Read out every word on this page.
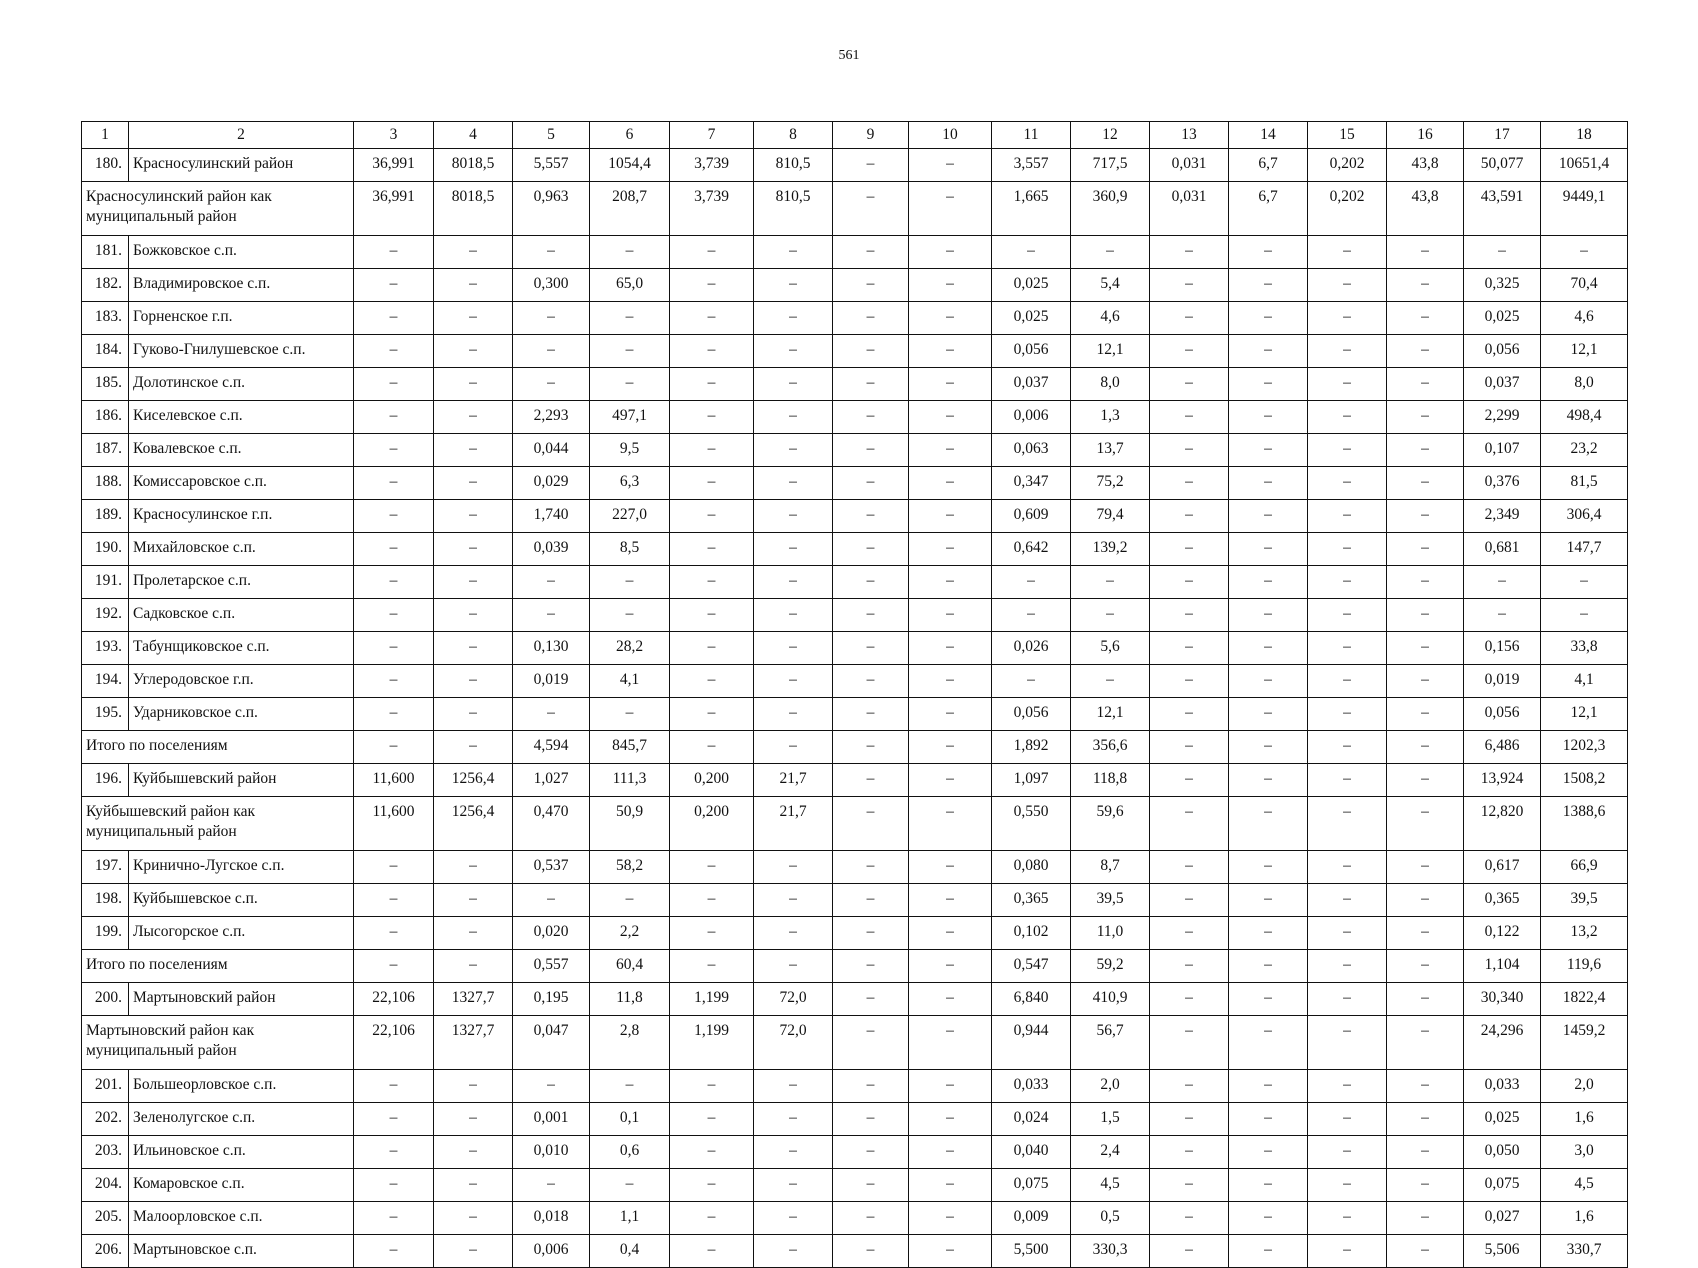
561
1	2	3	4	5	6	7	8	9	10	11	12	13	14	15	16	17	18
180.	Красносулинский район	36,991	8018,5	5,557	1054,4	3,739	810,5	–	–	3,557	717,5	0,031	6,7	0,202	43,8	50,077	10651,4
Красносулинский район как муниципальный район		36,991	8018,5	0,963	208,7	3,739	810,5	–	–	1,665	360,9	0,031	6,7	0,202	43,8	43,591	9449,1
181.	Божковское с.п.	–	–	–	–	–	–	–	–	–	–	–	–	–	–	–	–
182.	Владимировское с.п.	–	–	0,300	65,0	–	–	–	–	0,025	5,4	–	–	–	–	0,325	70,4
183.	Горненское г.п.	–	–	–	–	–	–	–	–	0,025	4,6	–	–	–	–	0,025	4,6
184.	Гуково-Гнилушевское с.п.	–	–	–	–	–	–	–	–	0,056	12,1	–	–	–	–	0,056	12,1
185.	Долотинское с.п.	–	–	–	–	–	–	–	–	0,037	8,0	–	–	–	–	0,037	8,0
186.	Киселевское с.п.	–	–	2,293	497,1	–	–	–	–	0,006	1,3	–	–	–	–	2,299	498,4
187.	Ковалевское с.п.	–	–	0,044	9,5	–	–	–	–	0,063	13,7	–	–	–	–	0,107	23,2
188.	Комиссаровское с.п.	–	–	0,029	6,3	–	–	–	–	0,347	75,2	–	–	–	–	0,376	81,5
189.	Красносулинское г.п.	–	–	1,740	227,0	–	–	–	–	0,609	79,4	–	–	–	–	2,349	306,4
190.	Михайловское с.п.	–	–	0,039	8,5	–	–	–	–	0,642	139,2	–	–	–	–	0,681	147,7
191.	Пролетарское с.п.	–	–	–	–	–	–	–	–	–	–	–	–	–	–	–	–
192.	Садковское с.п.	–	–	–	–	–	–	–	–	–	–	–	–	–	–	–	–
193.	Табунщиковское с.п.	–	–	0,130	28,2	–	–	–	–	0,026	5,6	–	–	–	–	0,156	33,8
194.	Углеродовское г.п.	–	–	0,019	4,1	–	–	–	–	–	–	–	–	–	–	0,019	4,1
195.	Ударниковское с.п.	–	–	–	–	–	–	–	–	0,056	12,1	–	–	–	–	0,056	12,1
Итого по поселениям		–	–	4,594	845,7	–	–	–	–	1,892	356,6	–	–	–	–	6,486	1202,3
196.	Куйбышевский район	11,600	1256,4	1,027	111,3	0,200	21,7	–	–	1,097	118,8	–	–	–	–	13,924	1508,2
Куйбышевский район как муниципальный район		11,600	1256,4	0,470	50,9	0,200	21,7	–	–	0,550	59,6	–	–	–	–	12,820	1388,6
197.	Кринично-Лугское с.п.	–	–	0,537	58,2	–	–	–	–	0,080	8,7	–	–	–	–	0,617	66,9
198.	Куйбышевское с.п.	–	–	–	–	–	–	–	–	0,365	39,5	–	–	–	–	0,365	39,5
199.	Лысогорское с.п.	–	–	0,020	2,2	–	–	–	–	0,102	11,0	–	–	–	–	0,122	13,2
Итого по поселениям		–	–	0,557	60,4	–	–	–	–	0,547	59,2	–	–	–	–	1,104	119,6
200.	Мартыновский район	22,106	1327,7	0,195	11,8	1,199	72,0	–	–	6,840	410,9	–	–	–	–	30,340	1822,4
Мартыновский район как муниципальный район		22,106	1327,7	0,047	2,8	1,199	72,0	–	–	0,944	56,7	–	–	–	–	24,296	1459,2
201.	Большеорловское с.п.	–	–	–	–	–	–	–	–	0,033	2,0	–	–	–	–	0,033	2,0
202.	Зеленолугское с.п.	–	–	0,001	0,1	–	–	–	–	0,024	1,5	–	–	–	–	0,025	1,6
203.	Ильиновское с.п.	–	–	0,010	0,6	–	–	–	–	0,040	2,4	–	–	–	–	0,050	3,0
204.	Комаровское с.п.	–	–	–	–	–	–	–	–	0,075	4,5	–	–	–	–	0,075	4,5
205.	Малоорловское с.п.	–	–	0,018	1,1	–	–	–	–	0,009	0,5	–	–	–	–	0,027	1,6
206.	Мартыновское с.п.	–	–	0,006	0,4	–	–	–	–	5,500	330,3	–	–	–	–	5,506	330,7
